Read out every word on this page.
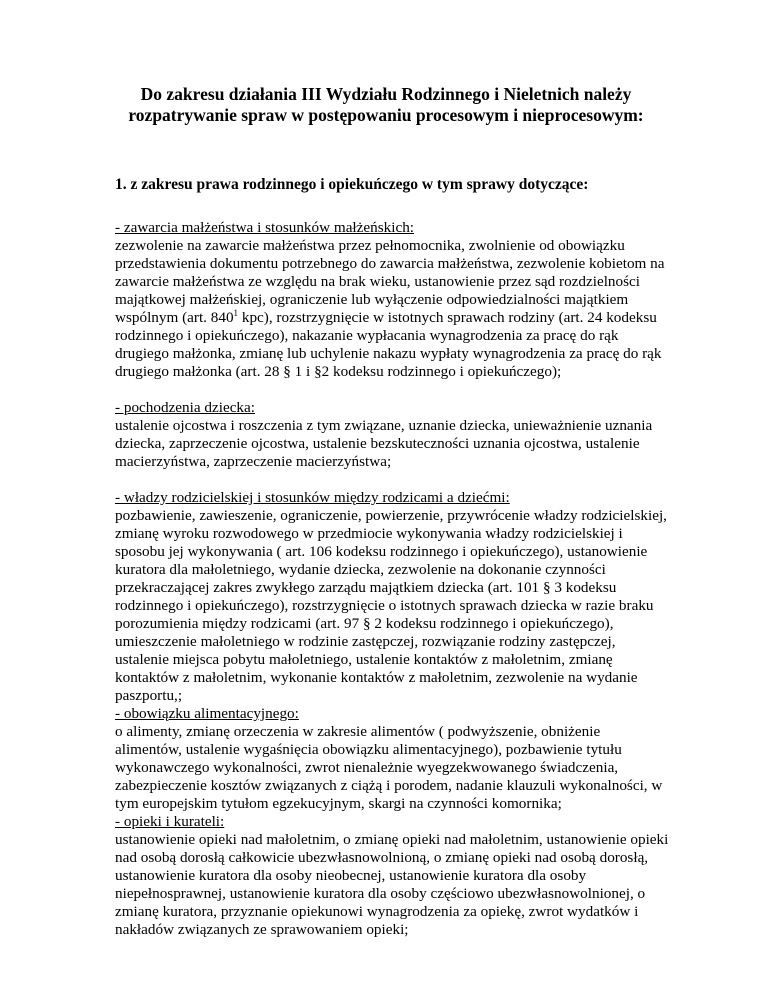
Do zakresu działania III Wydziału Rodzinnego i Nieletnich należy
rozpatrywanie spraw w postępowaniu procesowym i nieprocesowym:
1. z zakresu prawa rodzinnego i opiekuńczego w tym sprawy dotyczące:
- zawarcia małżeństwa i stosunków małżeńskich:
zezwolenie na zawarcie małżeństwa przez pełnomocnika, zwolnienie od obowiązku
przedstawienia dokumentu potrzebnego do zawarcia małżeństwa, zezwolenie kobietom na
zawarcie małżeństwa ze względu na brak wieku, ustanowienie przez sąd rozdzielności
majątkowej małżeńskiej, ograniczenie lub wyłączenie odpowiedzialności majątkiem
wspólnym (art. $840^1$ kpc), rozstrzygnięcie w istotnych sprawach rodziny (art. 24 kodeksu
rodzinnego i opiekuńczego), nakazanie wypłacania wynagrodzenia za pracę do rąk
drugiego małżonka, zmianę lub uchylenie nakazu wypłaty wynagrodzenia za pracę do rąk
drugiego małżonka (art. 28 § 1 i §2 kodeksu rodzinnego i opiekuńczego);
- pochodzenia dziecka:
ustalenie ojcostwa i roszczenia z tym związane, uznanie dziecka, unieważnienie uznania
dziecka, zaprzeczenie ojcostwa, ustalenie bezskuteczności uznania ojcostwa, ustalenie
macierzyństwa, zaprzeczenie macierzyństwa;
- władzy rodzicielskiej i stosunków między rodzicami a dziećmi:
pozbawienie, zawieszenie, ograniczenie, powierzenie, przywrócenie władzy rodzicielskiej,
zmianę wyroku rozwodowego w przedmiocie wykonywania władzy rodzicielskiej i
sposobu jej wykonywania ( art. 106 kodeksu rodzinnego i opiekuńczego), ustanowienie
kuratora dla małoletniego, wydanie dziecka, zezwolenie na dokonanie czynności
przekraczającej zakres zwykłego zarządu majątkiem dziecka (art. 101 § 3 kodeksu
rodzinnego i opiekuńczego), rozstrzygnięcie o istotnych sprawach dziecka w razie braku
porozumienia między rodzicami (art. 97 § 2 kodeksu rodzinnego i opiekuńczego),
umieszczenie małoletniego w rodzinie zastępczej, rozwiązanie rodziny zastępczej,
ustalenie miejsca pobytu małoletniego, ustalenie kontaktów z małoletnim, zmianę
kontaktów z małoletnim, wykonanie kontaktów z małoletnim, zezwolenie na wydanie
paszportu,;
- obowiązku alimentacyjnego:
o alimenty, zmianę orzeczenia w zakresie alimentów ( podwyższenie, obniżenie
alimentów, ustalenie wygaśnięcia obowiązku alimentacyjnego), pozbawienie tytułu
wykonawczego wykonalności, zwrot nienależnie wyegzekwowanego świadczenia,
zabezpieczenie kosztów związanych z ciążą i porodem, nadanie klauzuli wykonalności, w
tym europejskim tytułom egzekucyjnym, skargi na czynności komornika;
- opieki i kurateli:
ustanowienie opieki nad małoletnim, o zmianę opieki nad małoletnim, ustanowienie opieki
nad osobą dorosłą całkowicie ubezwłasnowolnioną, o zmianę opieki nad osobą dorosłą,
ustanowienie kuratora dla osoby nieobecnej, ustanowienie kuratora dla osoby
niepełnosprawnej, ustanowienie kuratora dla osoby częściowo ubezwłasnowolnionej, o
zmianę kuratora, przyznanie opiekunowi wynagrodzenia za opiekę, zwrot wydatków i
nakładów związanych ze sprawowaniem opieki;
